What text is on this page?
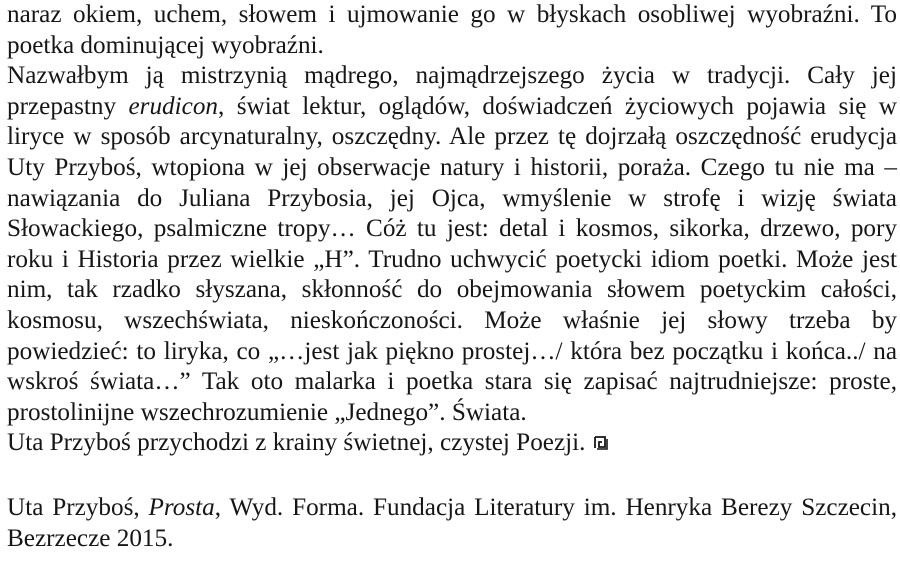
naraz okiem, uchem, słowem i ujmowanie go w błyskach osobliwej wyobraźni. To poetka dominującej wyobraźni.

Nazwałbym ją mistrzynią mądrego, najmądrzejszego życia w tradycji. Cały jej przepastny erudicon, świat lektur, oglądów, doświadczeń życiowych pojawia się w liryce w sposób arcynaturalny, oszczędny. Ale przez tę dojrzałą oszczędność erudycja Uty Przyboś, wtopiona w jej obserwacje natury i historii, poraża. Czego tu nie ma – nawiązania do Juliana Przybosia, jej Ojca, wmyślenie w strofę i wizję świata Słowackiego, psalmiczne tropy… Cóż tu jest: detal i kosmos, sikorka, drzewo, pory roku i Historia przez wielkie „H”. Trudno uchwycić poetycki idiom poetki. Może jest nim, tak rzadko słyszana, skłonność do obejmowania słowem poetyckim całości, kosmosu, wszechświata, nieskończoności. Może właśnie jej słowy trzeba by powiedzieć: to liryka, co „…jest jak piękno prostej…/ która bez początku i końca../ na wskroś świata…” Tak oto malarka i poetka stara się zapisać najtrudniejsze: proste, prostolinijne wszechrozumienie „Jednego”. Świata.

Uta Przyboś przychodzi z krainy świetnej, czystej Poezji.

Uta Przyboś, Prosta, Wyd. Forma. Fundacja Literatury im. Henryka Berezy Szczecin, Bezrzecze 2015.
